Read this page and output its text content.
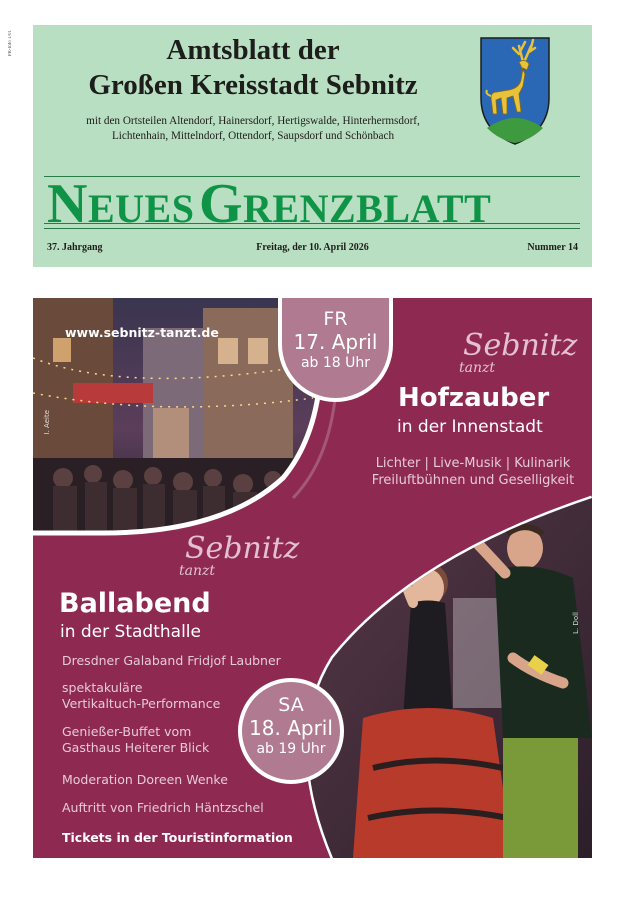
PR-Info 1/01	Amtsblatt der
Großen Kreisstadt Sebnitz
mit den Ortsteilen Altendorf, Hainersdorf, Hertigswalde, Hinterhermsdorf,
Lichtenhain, Mittelndorf, Ottendorf, Saupsdorf und Schönbach
NEUES GRENZBLATT
37. Jahrgang	Freitag, der 10. April 2026	Nummer 14
www.sebnitz-tanzt.de
FR
17. April
ab 18 Uhr	Sebnitz
tanzt
Hofzauber
in der Innenstadt
Lichter | Live-Musik | Kulinarik
Freiluftbühnen und Geselligkeit
Sebnitz
tanzt
Ballabend
in der Stadthalle
Dresdner Galaband Fridjof Laubner
spektakuläre
Vertikaltuch-Performance
Genießer-Buffet vom
Gasthaus Heiterer Blick
Moderation Doreen Wenke
Auftritt von Friedrich Häntzschel
SA
18. April
ab 19 Uhr
Tickets in der Touristinformation
I. Aeite
L. Doll
